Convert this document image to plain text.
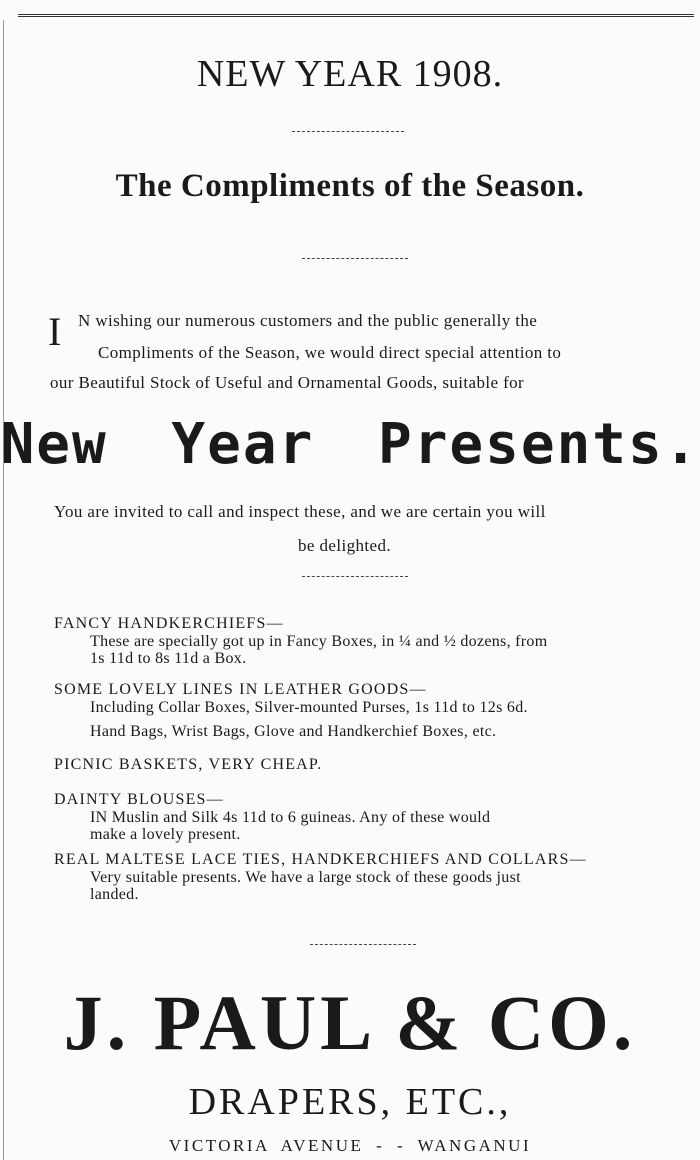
NEW YEAR 1908.
The Compliments of the Season.
I N wishing our numerous customers and the public generally the
Compliments of the Season, we would direct special attention to
our Beautiful Stock of Useful and Ornamental Goods, suitable for
New Year Presents.
You are invited to call and inspect these, and we are certain you will
be delighted.

FANCY HANDKERCHIEFS—

These are specially got up in Fancy Boxes, in ¼ and ½ dozens, from

1s 11d to 8s 11d a Box.

SOME LOVELY LINES IN LEATHER GOODS—

Including Collar Boxes, Silver-mounted Purses, 1s 11d to 12s 6d.

Hand Bags, Wrist Bags, Glove and Handkerchief Boxes, etc.

PICNIC BASKETS, VERY CHEAP.

DAINTY BLOUSES—

IN Muslin and Silk 4s 11d to 6 guineas. Any of these would

make a lovely present.

REAL MALTESE LACE TIES, HANDKERCHIEFS AND COLLARS—

Very suitable presents. We have a large stock of these goods just

landed.

J. PAUL & CO.
DRAPERS, ETC.,
VICTORIA AVENUE - - WANGANUI
